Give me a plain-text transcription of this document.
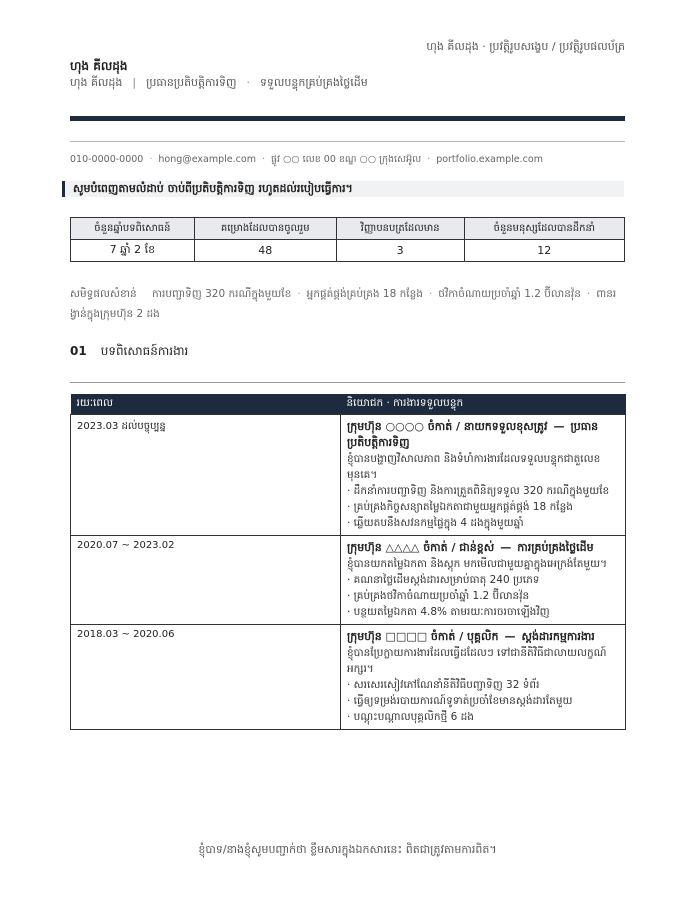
ហុង គីលដុង · ប្រវត្តិរូបសង្ខេប / ប្រវត្តិរូបផលប័ត្រ
ហុង គីលដុង
ហុង គីលដុង | ប្រធានប្រតិបត្តិការទិញ · ទទួលបន្ទុកគ្រប់គ្រងថ្លៃដើម
010-0000-0000 · hong@example.com · ផ្លូវ ○○ លេខ 00 ខណ្ឌ ○○ ក្រុងសេអ៊ូល · portfolio.example.com
សូមបំពេញតាមលំដាប់ ចាប់ពីប្រតិបត្តិការទិញ រហូតដល់របៀបធ្វើការ។
ចំនួនឆ្នាំបទពិសោធន៍	គម្រោងដែលបានចូលរួម	វិញ្ញាបនបត្រដែលមាន	ចំនួនមនុស្សដែលបានដឹកនាំ
7 ឆ្នាំ 2 ខែ	48	3	12
សមិទ្ធផលសំខាន់ ការបញ្ជាទិញ 320 ករណីក្នុងមួយខែ · អ្នកផ្គត់ផ្គង់គ្រប់គ្រង 18 កន្លែង · ថវិកាចំណាយប្រចាំឆ្នាំ 1.2 ប៊ីលានវ៉ុន · ពានរង្វាន់ក្នុងក្រុមហ៊ុន 2 ដង
01 បទពិសោធន៍ការងារ
រយៈពេល	និយោជក · ការងារទទួលបន្ទុក
2023.03 ដល់បច្ចុប្បន្ន	ក្រុមហ៊ុន ○○○○ ចំកាត់ / នាយកទទួលខុសត្រូវ — ប្រធានប្រតិបត្តិការទិញ
ខ្ញុំបានបង្ហាញវិសាលភាព និងទំហំការងារដែលទទួលបន្ទុកជាតួលេខមុនគេ។
· ដឹកនាំការបញ្ជាទិញ និងការត្រួតពិនិត្យទទួល 320 ករណីក្នុងមួយខែ
· គ្រប់គ្រងកិច្ចសន្យាតម្លៃឯកតាជាមួយអ្នកផ្គត់ផ្គង់ 18 កន្លែង
· ឆ្លើយតបនឹងសវនកម្មផ្ទៃក្នុង 4 ដងក្នុងមួយឆ្នាំ

2020.07 ~ 2023.02	ក្រុមហ៊ុន △△△△ ចំកាត់ / ជាន់ខ្ពស់ — ការគ្រប់គ្រងថ្លៃដើម
ខ្ញុំបានយកតម្លៃឯកតា និងស្តុក មកមើលជាមួយគ្នាក្នុងអេក្រង់តែមួយ។
· គណនាថ្លៃដើមស្តង់ដារសម្រាប់ធាតុ 240 ប្រភេទ
· គ្រប់គ្រងថវិកាចំណាយប្រចាំឆ្នាំ 1.2 ប៊ីលានវ៉ុន
· បន្ថយតម្លៃឯកតា 4.8% តាមរយៈការចរចាឡើងវិញ

2018.03 ~ 2020.06	ក្រុមហ៊ុន □□□□ ចំកាត់ / បុគ្គលិក — ស្តង់ដារកម្មការងារ
ខ្ញុំបានប្រែក្លាយការងារដែលធ្វើដដែលៗ ទៅជានីតិវិធីជាលាយលក្ខណ៍អក្សរ។
· សរសេរសៀវភៅណែនាំនីតិវិធីបញ្ជាទិញ 32 ទំព័រ
· ធ្វើឲ្យទម្រង់របាយការណ៍ទូទាត់ប្រចាំខែមានស្តង់ដារតែមួយ
· បណ្តុះបណ្តាលបុគ្គលិកថ្មី 6 ដង
ខ្ញុំបាទ/នាងខ្ញុំសូមបញ្ជាក់ថា ខ្លឹមសារក្នុងឯកសារនេះ ពិតជាត្រូវតាមការពិត។
